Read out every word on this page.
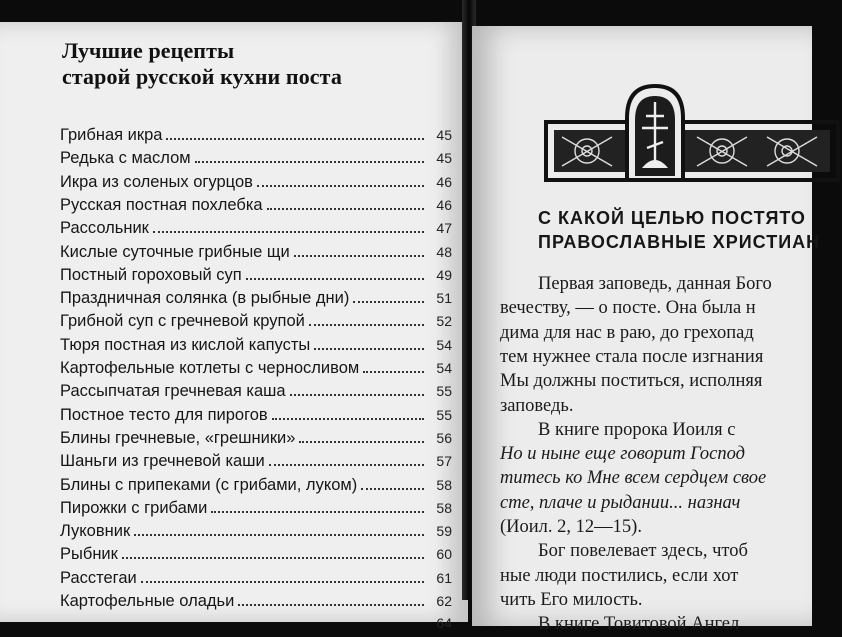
Лучшие рецепты
старой русской кухни поста
Грибная икра	45
Редька с маслом	45
Икра из соленых огурцов	46
Русская постная похлебка	46
Рассольник	47
Кислые суточные грибные щи	48
Постный гороховый суп	49
Праздничная солянка (в рыбные дни)	51
Грибной суп с гречневой крупой	52
Тюря постная из кислой капусты	54
Картофельные котлеты с черносливом	54
Рассыпчатая гречневая каша	55
Постное тесто для пирогов	55
Блины гречневые, «грешники»	56
Шаньги из гречневой каши	57
Блины с припеками (с грибами, луком)	58
Пирожки с грибами	58
Луковник	59
Рыбник	60
Расстегаи	61
Картофельные оладьи	62
64
С КАКОЙ ЦЕЛЬЮ ПОСТЯТО
ПРАВОСЛАВНЫЕ ХРИСТИАН
Первая заповедь, данная Бого
вечеству, — о посте. Она была н
дима для нас в раю, до грехопад
тем нужнее стала после изгнания
Мы должны поститься, исполняя
заповедь.
В книге пророка Иоиля с
Но и ныне еще говорит Господ
титесь ко Мне всем сердцем свое
сте, плаче и рыдании... назнач
(Иоил. 2, 12—15).
Бог повелевает здесь, чтоб
ные люди постились, если хот
чить Его милость.
В книге Товитовой Ангел
